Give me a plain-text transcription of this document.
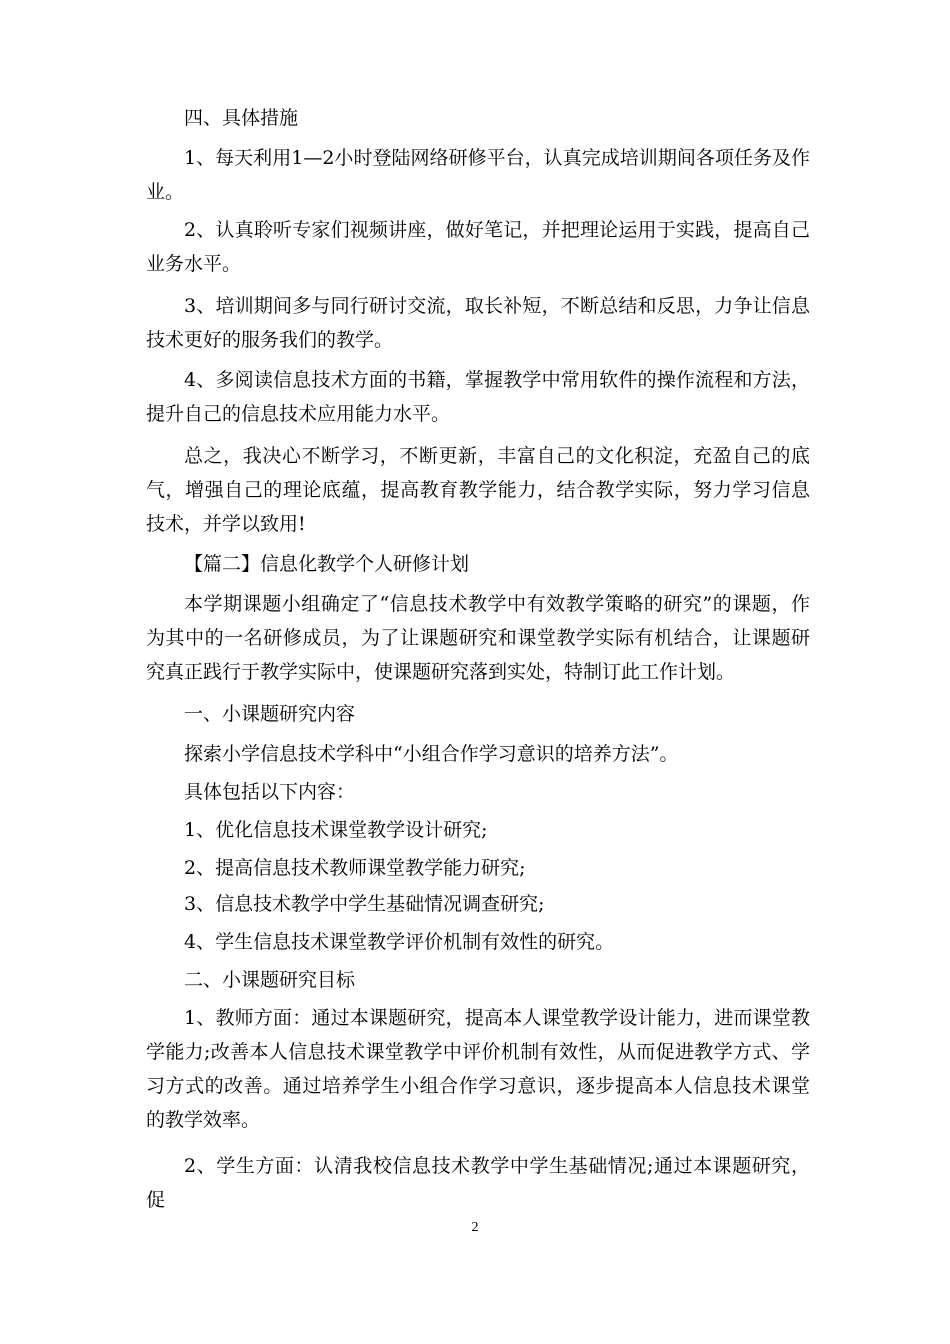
四、具体措施

1、每天利用1—2小时登陆网络研修平台，认真完成培训期间各项任务及作业。

2、认真聆听专家们视频讲座，做好笔记，并把理论运用于实践，提高自己业务水平。

3、培训期间多与同行研讨交流，取长补短，不断总结和反思，力争让信息技术更好的服务我们的教学。

4、多阅读信息技术方面的书籍，掌握教学中常用软件的操作流程和方法，提升自己的信息技术应用能力水平。

总之，我决心不断学习，不断更新，丰富自己的文化积淀，充盈自己的底气，增强自己的理论底蕴，提高教育教学能力，结合教学实际，努力学习信息技术，并学以致用!

【篇二】信息化教学个人研修计划

本学期课题小组确定了“信息技术教学中有效教学策略的研究”的课题，作为其中的一名研修成员，为了让课题研究和课堂教学实际有机结合，让课题研究真正践行于教学实际中，使课题研究落到实处，特制订此工作计划。

一、小课题研究内容

探索小学信息技术学科中“小组合作学习意识的培养方法”。

具体包括以下内容：

1、优化信息技术课堂教学设计研究;

2、提高信息技术教师课堂教学能力研究;

3、信息技术教学中学生基础情况调查研究;

4、学生信息技术课堂教学评价机制有效性的研究。

二、小课题研究目标

1、教师方面：通过本课题研究，提高本人课堂教学设计能力，进而课堂教学能力;改善本人信息技术课堂教学中评价机制有效性，从而促进教学方式、学习方式的改善。通过培养学生小组合作学习意识，逐步提高本人信息技术课堂的教学效率。

2、学生方面：认清我校信息技术教学中学生基础情况;通过本课题研究，促

2
